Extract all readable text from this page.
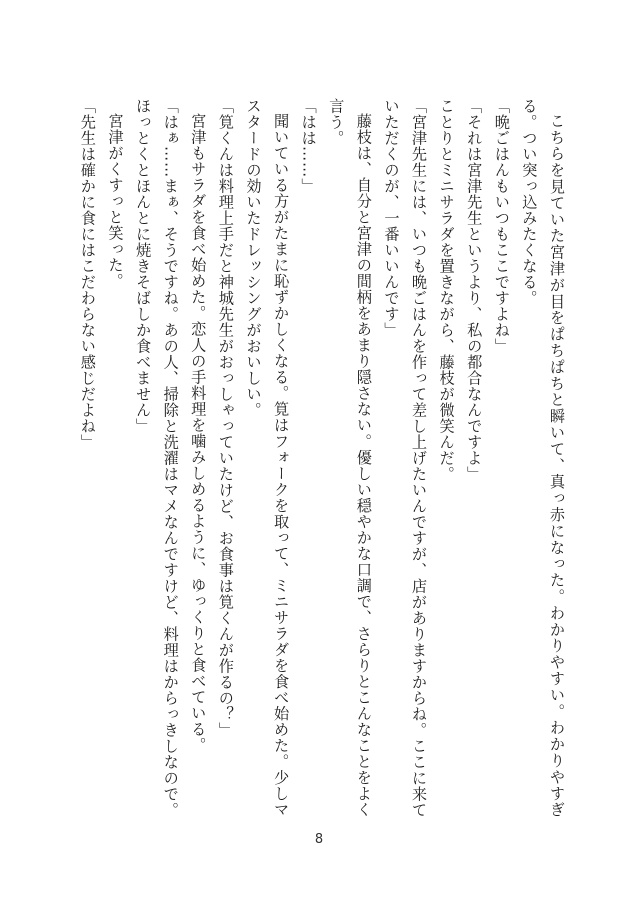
こちらを見ていた宮津が目をぱちぱちと瞬いて、真っ赤になった。わかりやすい。わかりやすぎる。つい突っ込みたくなる。

「晩ごはんもいつもここですよね」

「それは宮津先生というより、私の都合なんですよ」

ことりとミニサラダを置きながら、藤枝が微笑んだ。

「宮津先生には、いつも晩ごはんを作って差し上げたいんですが、店がありますからね。ここに来ていただくのが、一番いいんです」

藤枝は、自分と宮津の間柄をあまり隠さない。優しい穏やかな口調で、さらりとこんなことをよく言う。

「はは……」

聞いている方がたまに恥ずかしくなる。筧はフォークを取って、ミニサラダを食べ始めた。少しマスタードの効いたドレッシングがおいしい。

「筧くんは料理上手だと神城先生がおっしゃっていたけど、お食事は筧くんが作るの？」

宮津もサラダを食べ始めた。恋人の手料理を噛みしめるように、ゆっくりと食べている。

「はぁ……まぁ、そうですね。あの人、掃除と洗濯はマメなんですけど、料理はからっきしなので。ほっとくとほんとに焼きそばしか食べません」

宮津がくすっと笑った。

「先生は確かに食にはこだわらない感じだよね」

8
